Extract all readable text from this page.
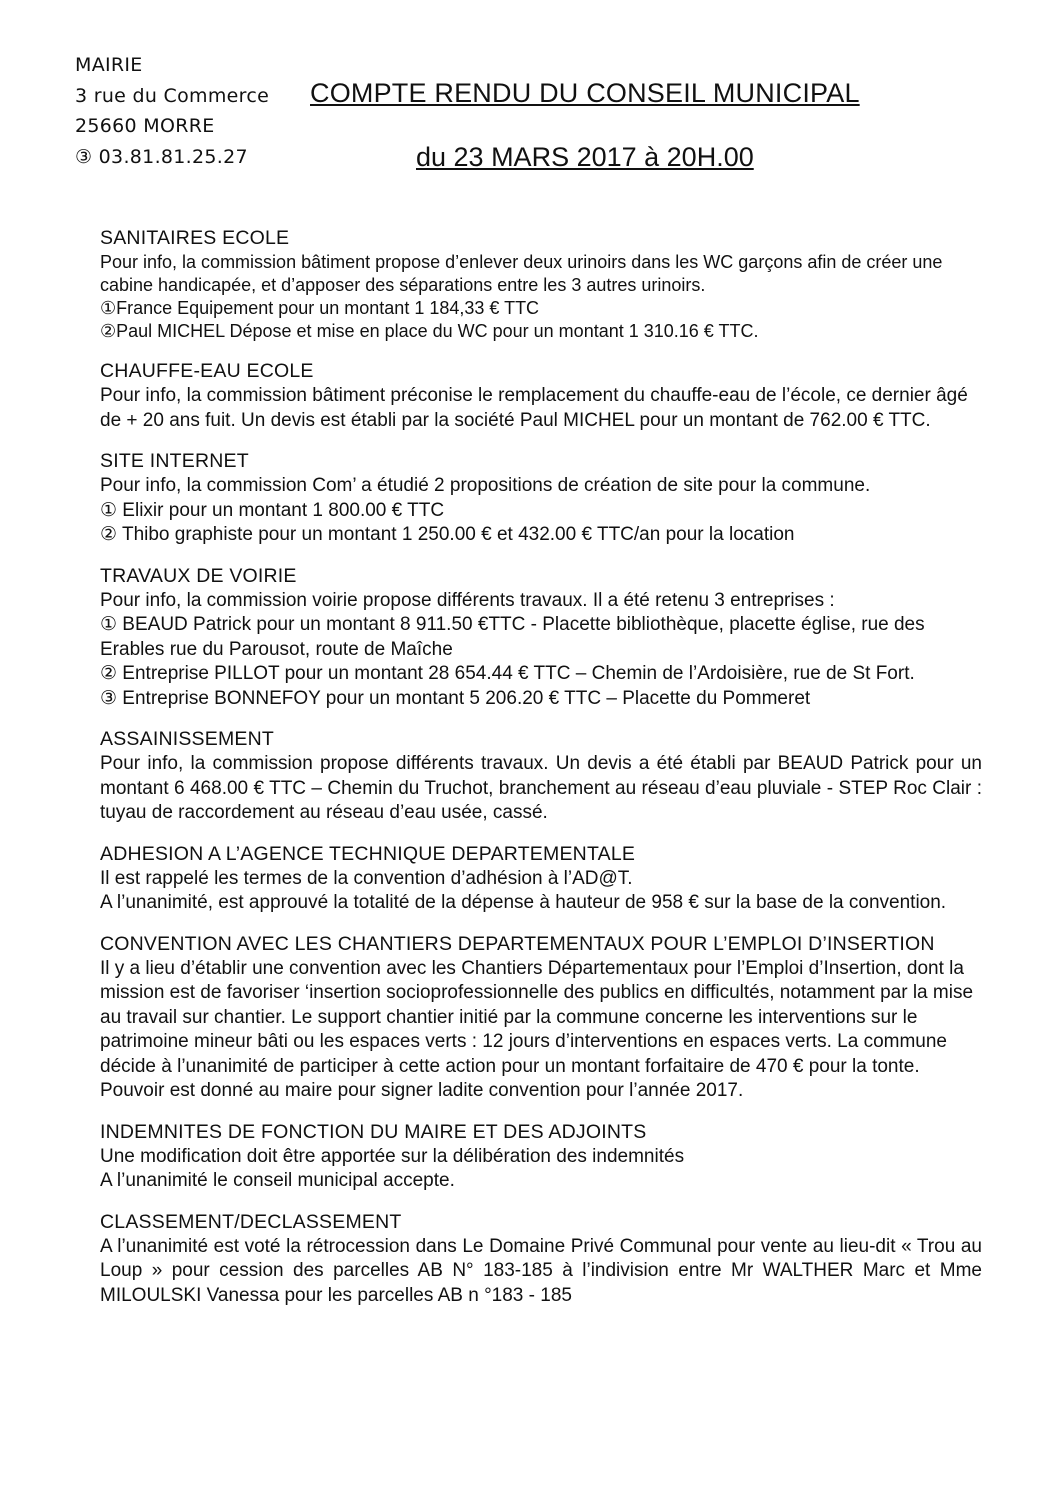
MAIRIE
3 rue du Commerce
25660 MORRE
③ 03.81.81.25.27
COMPTE RENDU DU CONSEIL MUNICIPAL
du 23 MARS 2017 à 20H.00
SANITAIRES ECOLE

Pour info, la commission bâtiment propose d’enlever deux urinoirs dans les WC garçons afin de créer une cabine handicapée, et d’apposer des séparations entre les 3 autres urinoirs.

①France Equipement pour un montant 1 184,33 € TTC

②Paul MICHEL Dépose et mise en place du WC pour un montant 1 310.16 € TTC.

CHAUFFE-EAU ECOLE

Pour info, la commission bâtiment préconise le remplacement du chauffe-eau de l’école, ce dernier âgé de + 20 ans fuit. Un devis est établi par la société Paul MICHEL pour un montant de 762.00 € TTC.

SITE INTERNET

Pour info, la commission Com’ a étudié 2 propositions de création de site pour la commune.

① Elixir pour un montant 1 800.00 € TTC

② Thibo graphiste pour un montant 1 250.00 € et 432.00 € TTC/an pour la location

TRAVAUX DE VOIRIE

Pour info, la commission voirie propose différents travaux. Il a été retenu 3 entreprises :

① BEAUD Patrick pour un montant 8 911.50 €TTC - Placette bibliothèque, placette église, rue des Erables rue du Parousot, route de Maîche

② Entreprise PILLOT pour un montant 28 654.44 € TTC – Chemin de l’Ardoisière, rue de St Fort.

③ Entreprise BONNEFOY pour un montant 5 206.20 € TTC – Placette du Pommeret

ASSAINISSEMENT

Pour info, la commission propose différents travaux. Un devis a été établi par BEAUD Patrick pour un montant 6 468.00 € TTC – Chemin du Truchot, branchement au réseau d’eau pluviale - STEP Roc Clair : tuyau de raccordement au réseau d’eau usée, cassé.

ADHESION A L’AGENCE TECHNIQUE DEPARTEMENTALE

Il est rappelé les termes de la convention d’adhésion à l’AD@T.

A l’unanimité, est approuvé la totalité de la dépense à hauteur de 958 € sur la base de la convention.

CONVENTION AVEC LES CHANTIERS DEPARTEMENTAUX POUR L’EMPLOI D’INSERTION

Il y a lieu d’établir une convention avec les Chantiers Départementaux pour l’Emploi d’Insertion, dont la mission est de favoriser ‘insertion socioprofessionnelle des publics en difficultés, notamment par la mise au travail sur chantier. Le support chantier initié par la commune concerne les interventions sur le patrimoine mineur bâti ou les espaces verts : 12 jours d’interventions en espaces verts. La commune décide à l’unanimité de participer à cette action pour un montant forfaitaire de 470 € pour la tonte.

Pouvoir est donné au maire pour signer ladite convention pour l’année 2017.

INDEMNITES DE FONCTION DU MAIRE ET DES ADJOINTS

Une modification doit être apportée sur la délibération des indemnités

A l’unanimité le conseil municipal accepte.

CLASSEMENT/DECLASSEMENT

A l’unanimité est voté la rétrocession dans Le Domaine Privé Communal pour vente au lieu-dit « Trou au Loup » pour cession des parcelles AB N° 183-185 à l’indivision entre Mr WALTHER Marc et Mme MILOULSKI Vanessa pour les parcelles AB n °183 - 185
